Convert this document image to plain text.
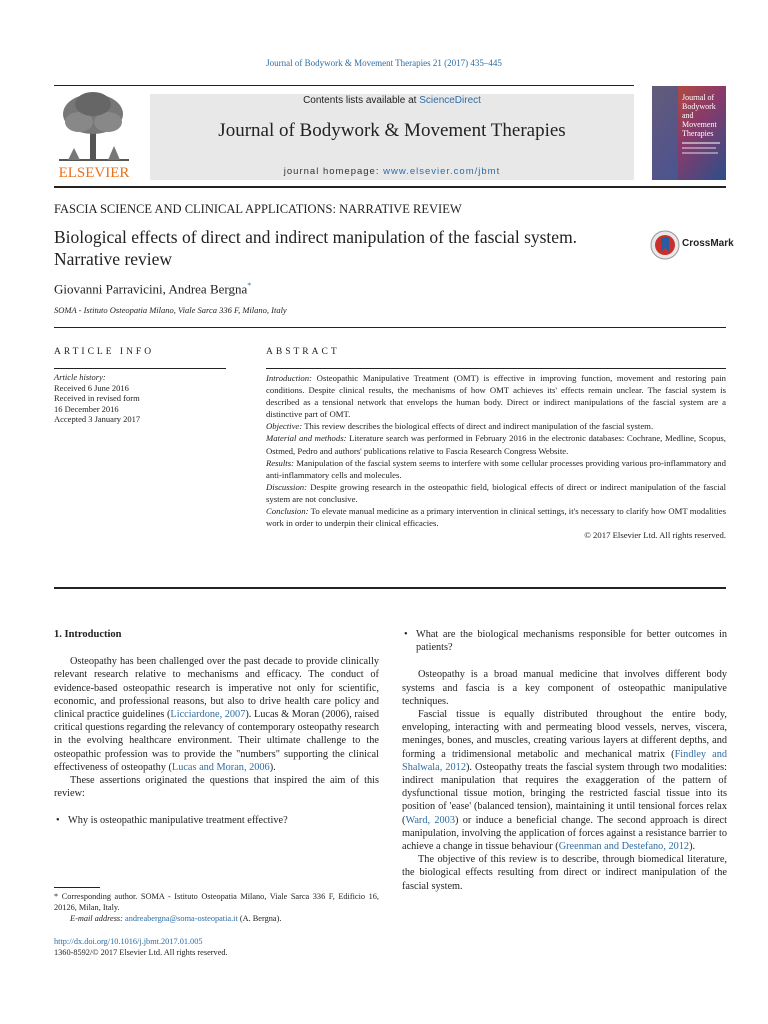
Journal of Bodywork & Movement Therapies 21 (2017) 435–445
ELSEVIER
Contents lists available at ScienceDirect
Journal of Bodywork & Movement Therapies
journal homepage: www.elsevier.com/jbmt
Journal of
Bodywork
and
Movement
Therapies
FASCIA SCIENCE AND CLINICAL APPLICATIONS: NARRATIVE REVIEW
Biological effects of direct and indirect manipulation of the fascial system. Narrative review
CrossMark
Giovanni Parravicini, Andrea Bergna*
SOMA - Istituto Osteopatia Milano, Viale Sarca 336 F, Milano, Italy
ARTICLE INFO	ABSTRACT
Article history:
Received 6 June 2016
Received in revised form
16 December 2016
Accepted 3 January 2017

Introduction: Osteopathic Manipulative Treatment (OMT) is effective in improving function, movement and restoring pain conditions. Despite clinical results, the mechanisms of how OMT achieves its' effects remain unclear. The fascial system is described as a tensional network that envelops the human body. Direct or indirect manipulations of the fascial system are a distinctive part of OMT.

Objective: This review describes the biological effects of direct and indirect manipulation of the fascial system.

Material and methods: Literature search was performed in February 2016 in the electronic databases: Cochrane, Medline, Scopus, Ostmed, Pedro and authors' publications relative to Fascia Research Congress Website.

Results: Manipulation of the fascial system seems to interfere with some cellular processes providing various pro-inflammatory and anti-inflammatory cells and molecules.

Discussion: Despite growing research in the osteopathic field, biological effects of direct or indirect manipulation of the fascial system are not conclusive.

Conclusion: To elevate manual medicine as a primary intervention in clinical settings, it's necessary to clarify how OMT modalities work in order to underpin their clinical efficacies.

© 2017 Elsevier Ltd. All rights reserved.

1. Introduction

Osteopathy has been challenged over the past decade to provide clinically relevant research relative to mechanisms and efficacy. The conduct of evidence-based osteopathic research is imperative not only for scientific, economic, and professional reasons, but also to drive health care policy and clinical practice guidelines (Licciardone, 2007). Lucas & Moran (2006), raised critical questions regarding the relevancy of contemporary osteopathy research in the evolving healthcare environment. Their ultimate challenge to the osteopathic profession was to provide the "numbers" supporting the clinical effectiveness of osteopathy (Lucas and Moran, 2006).

These assertions originated the questions that inspired the aim of this review:

• Why is osteopathic manipulative treatment effective?

• What are the biological mechanisms responsible for better outcomes in patients?

Osteopathy is a broad manual medicine that involves different body systems and fascia is a key component of osteopathic manipulative techniques.

Fascial tissue is equally distributed throughout the entire body, enveloping, interacting with and permeating blood vessels, nerves, viscera, meninges, bones, and muscles, creating various layers at different depths, and forming a tridimensional metabolic and mechanical matrix (Findley and Shalwala, 2012). Osteopathy treats the fascial system through two modalities: indirect manipulation that requires the exaggeration of the pattern of dysfunctional tissue motion, bringing the restricted fascial tissue into its position of 'ease' (balanced tension), maintaining it until tensional forces relax (Ward, 2003) or induce a beneficial change. The second approach is direct manipulation, involving the application of forces against a resistance barrier to achieve a change in tissue behaviour (Greenman and Destefano, 2012).

The objective of this review is to describe, through biomedical literature, the biological effects resulting from direct or indirect manipulation of the fascial system.

* Corresponding author. SOMA - Istituto Osteopatia Milano, Viale Sarca 336 F, Edificio 16, 20126, Milan, Italy.
E-mail address: andreabergna@soma-osteopatia.it (A. Bergna).
http://dx.doi.org/10.1016/j.jbmt.2017.01.005
1360-8592/© 2017 Elsevier Ltd. All rights reserved.
